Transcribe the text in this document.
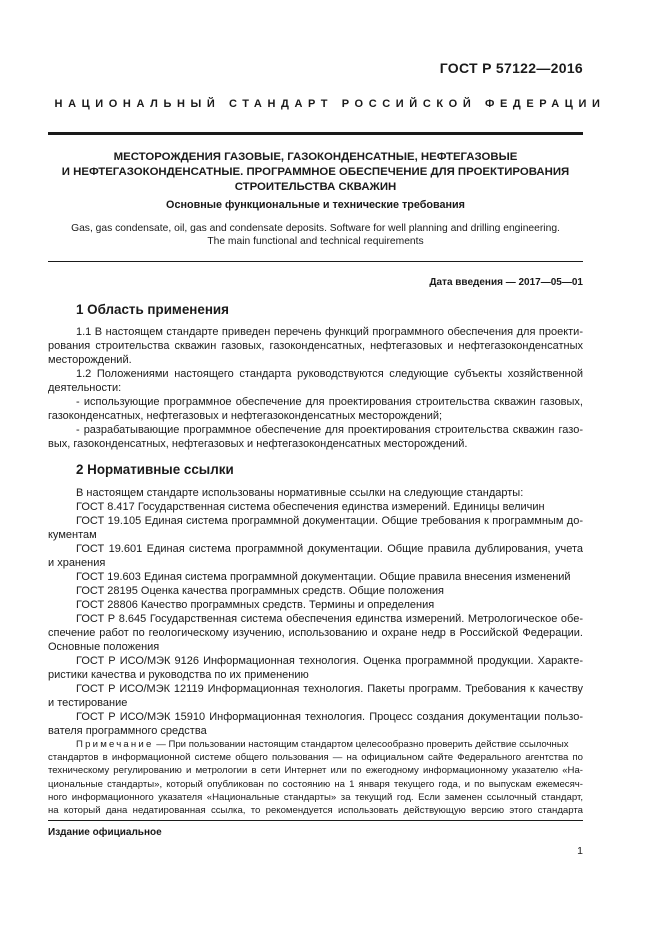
ГОСТ Р 57122—2016
НАЦИОНАЛЬНЫЙ СТАНДАРТ РОССИЙСКОЙ ФЕДЕРАЦИИ
МЕСТОРОЖДЕНИЯ ГАЗОВЫЕ, ГАЗОКОНДЕНСАТНЫЕ, НЕФТЕГАЗОВЫЕ
И НЕФТЕГАЗОКОНДЕНСАТНЫЕ. ПРОГРАММНОЕ ОБЕСПЕЧЕНИЕ ДЛЯ ПРОЕКТИРОВАНИЯ
СТРОИТЕЛЬСТВА СКВАЖИН
Основные функциональные и технические требования
Gas, gas condensate, oil, gas and condensate deposits. Software for well planning and drilling engineering.
The main functional and technical requirements
Дата введения — 2017—05—01
1 Область применения
1.1 В настоящем стандарте приведен перечень функций программного обеспечения для проекти-
рования строительства скважин газовых, газоконденсатных, нефтегазовых и нефтегазоконденсатных
месторождений.
1.2 Положениями настоящего стандарта руководствуются следующие субъекты хозяйственной
деятельности:
- использующие программное обеспечение для проектирования строительства скважин газовых,
газоконденсатных, нефтегазовых и нефтегазоконденсатных месторождений;
- разрабатывающие программное обеспечение для проектирования строительства скважин газо-
вых, газоконденсатных, нефтегазовых и нефтегазоконденсатных месторождений.
2 Нормативные ссылки
В настоящем стандарте использованы нормативные ссылки на следующие стандарты:
ГОСТ 8.417 Государственная система обеспечения единства измерений. Единицы величин
ГОСТ 19.105 Единая система программной документации. Общие требования к программным до-
кументам
ГОСТ 19.601 Единая система программной документации. Общие правила дублирования, учета
и хранения
ГОСТ 19.603 Единая система программной документации. Общие правила внесения изменений
ГОСТ 28195 Оценка качества программных средств. Общие положения
ГОСТ 28806 Качество программных средств. Термины и определения
ГОСТ Р 8.645 Государственная система обеспечения единства измерений. Метрологическое обе-
спечение работ по геологическому изучению, использованию и охране недр в Российской Федерации.
Основные положения
ГОСТ Р ИСО/МЭК 9126 Информационная технология. Оценка программной продукции. Характе-
ристики качества и руководства по их применению
ГОСТ Р ИСО/МЭК 12119 Информационная технология. Пакеты программ. Требования к качеству
и тестирование
ГОСТ Р ИСО/МЭК 15910 Информационная технология. Процесс создания документации пользо-
вателя программного средства
Примечание — При пользовании настоящим стандартом целесообразно проверить действие ссылочных
стандартов в информационной системе общего пользования — на официальном сайте Федерального агентства по
техническому регулированию и метрологии в сети Интернет или по ежегодному информационному указателю «На-
циональные стандарты», который опубликован по состоянию на 1 января текущего года, и по выпускам ежемесяч-
ного информационного указателя «Национальные стандарты» за текущий год. Если заменен ссылочный стандарт,
на который дана недатированная ссылка, то рекомендуется использовать действующую версию этого стандарта
Издание официальное
1
